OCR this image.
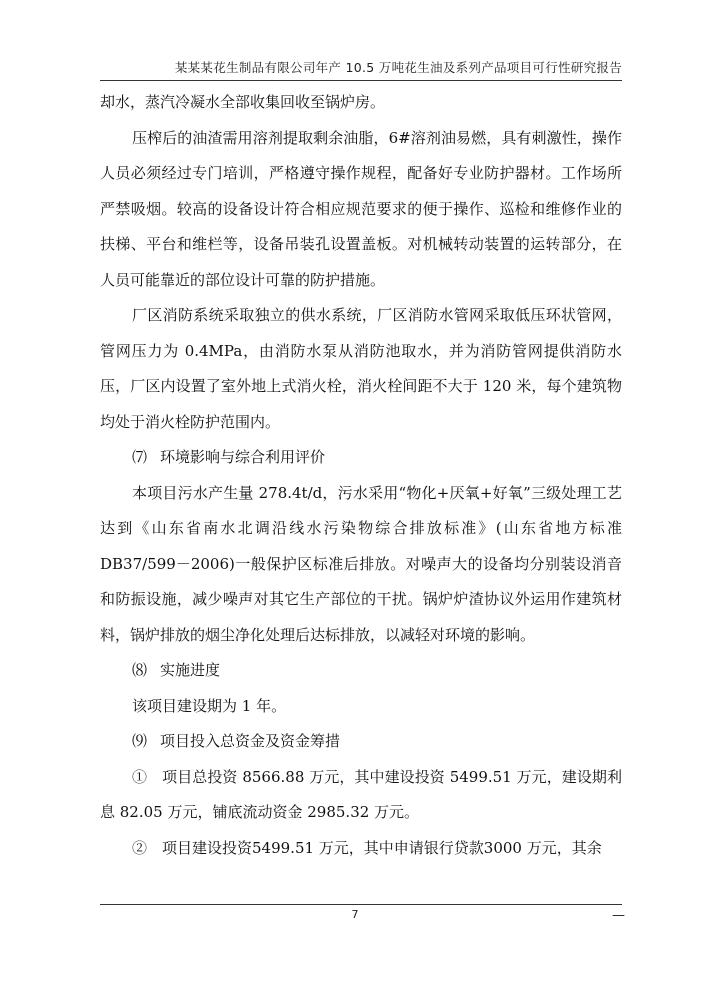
某某某花生制品有限公司年产 10.5 万吨花生油及系列产品项目可行性研究报告

却水，蒸汽冷凝水全部收集回收至锅炉房。

压榨后的油渣需用溶剂提取剩余油脂，6#溶剂油易燃，具有刺激性，操作人员必须经过专门培训，严格遵守操作规程，配备好专业防护器材。工作场所严禁吸烟。较高的设备设计符合相应规范要求的便于操作、巡检和维修作业的扶梯、平台和维栏等，设备吊装孔设置盖板。对机械转动装置的运转部分，在人员可能靠近的部位设计可靠的防护措施。

厂区消防系统采取独立的供水系统，厂区消防水管网采取低压环状管网，管网压力为 0.4MPa，由消防水泵从消防池取水，并为消防管网提供消防水压，厂区内设置了室外地上式消火栓，消火栓间距不大于 120 米，每个建筑物均处于消火栓防护范围内。

⑺ 环境影响与综合利用评价

本项目污水产生量 278.4t/d，污水采用“物化+厌氧+好氧”三级处理工艺达到《山东省南水北调沿线水污染物综合排放标准》(山东省地方标准 DB37/599－2006)一般保护区标准后排放。对噪声大的设备均分别装设消音和防振设施，减少噪声对其它生产部位的干扰。锅炉炉渣协议外运用作建筑材料，锅炉排放的烟尘净化处理后达标排放，以减轻对环境的影响。

⑻ 实施进度

该项目建设期为 1 年。

⑼ 项目投入总资金及资金筹措

①　项目总投资 8566.88 万元，其中建设投资 5499.51 万元，建设期利息 82.05 万元，铺底流动资金 2985.32 万元。

②　项目建设投资5499.51 万元，其中申请银行贷款3000 万元，其余

7	—
